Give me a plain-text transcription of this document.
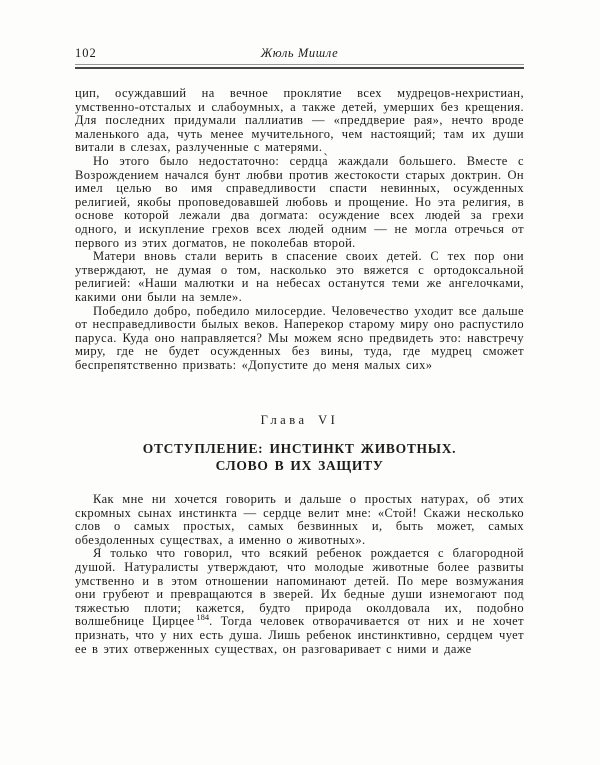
102	Жюль Мишле

цип, осуждавший на вечное проклятие всех мудрецов-нехристиан, умственно-отсталых и слабоумных, а также детей, умерших без крещения. Для последних придумали паллиатив — «преддверие рая», нечто вроде маленького ада, чуть менее мучительного, чем настоящий; там их души витали в слезах, разлученные с матерями.

Но этого было недостаточно: сердца̀ жаждали большего. Вместе с Возрождением начался бунт любви против жестокости старых доктрин. Он имел целью во имя справедливости спасти невинных, осужденных религией, якобы проповедовавшей любовь и прощение. Но эта религия, в основе которой лежали два догмата: осуждение всех людей за грехи одного, и искупление грехов всех людей одним — не могла отречься от первого из этих догматов, не поколебав второй.

Матери вновь стали верить в спасение своих детей. С тех пор они утверждают, не думая о том, насколько это вяжется с ортодоксальной религией: «Наши малютки и на небесах останутся теми же ангелочками, какими они были на земле».

Победило добро, победило милосердие. Человечество уходит все дальше от несправедливости былых веков. Наперекор старому миру оно распустило паруса. Куда оно направляется? Мы можем ясно предвидеть это: навстречу миру, где не будет осужденных без вины, туда, где мудрец сможет беспрепятственно призвать: «Допустите до меня малых сих»

Глава VI
ОТСТУПЛЕНИЕ: ИНСТИНКТ ЖИВОТНЫХ.
СЛОВО В ИХ ЗАЩИТУ

Как мне ни хочется говорить и дальше о простых натурах, об этих скромных сынах инстинкта — сердце велит мне: «Стой! Скажи несколько слов о самых простых, самых безвинных и, быть может, самых обездоленных существах, а именно о животных».

Я только что говорил, что всякий ребенок рождается с благородной душой. Натуралисты утверждают, что молодые животные более развиты умственно и в этом отношении напоминают детей. По мере возмужания они грубеют и превращаются в зверей. Их бедные души изнемогают под тяжестью плоти; кажется, будто природа околдовала их, подобно волшебнице Цирцее $^{184}$. Тогда человек отворачивается от них и не хочет признать, что у них есть душа. Лишь ребенок инстинктивно, сердцем чует ее в этих отверженных существах, он разговаривает с ними и даже
